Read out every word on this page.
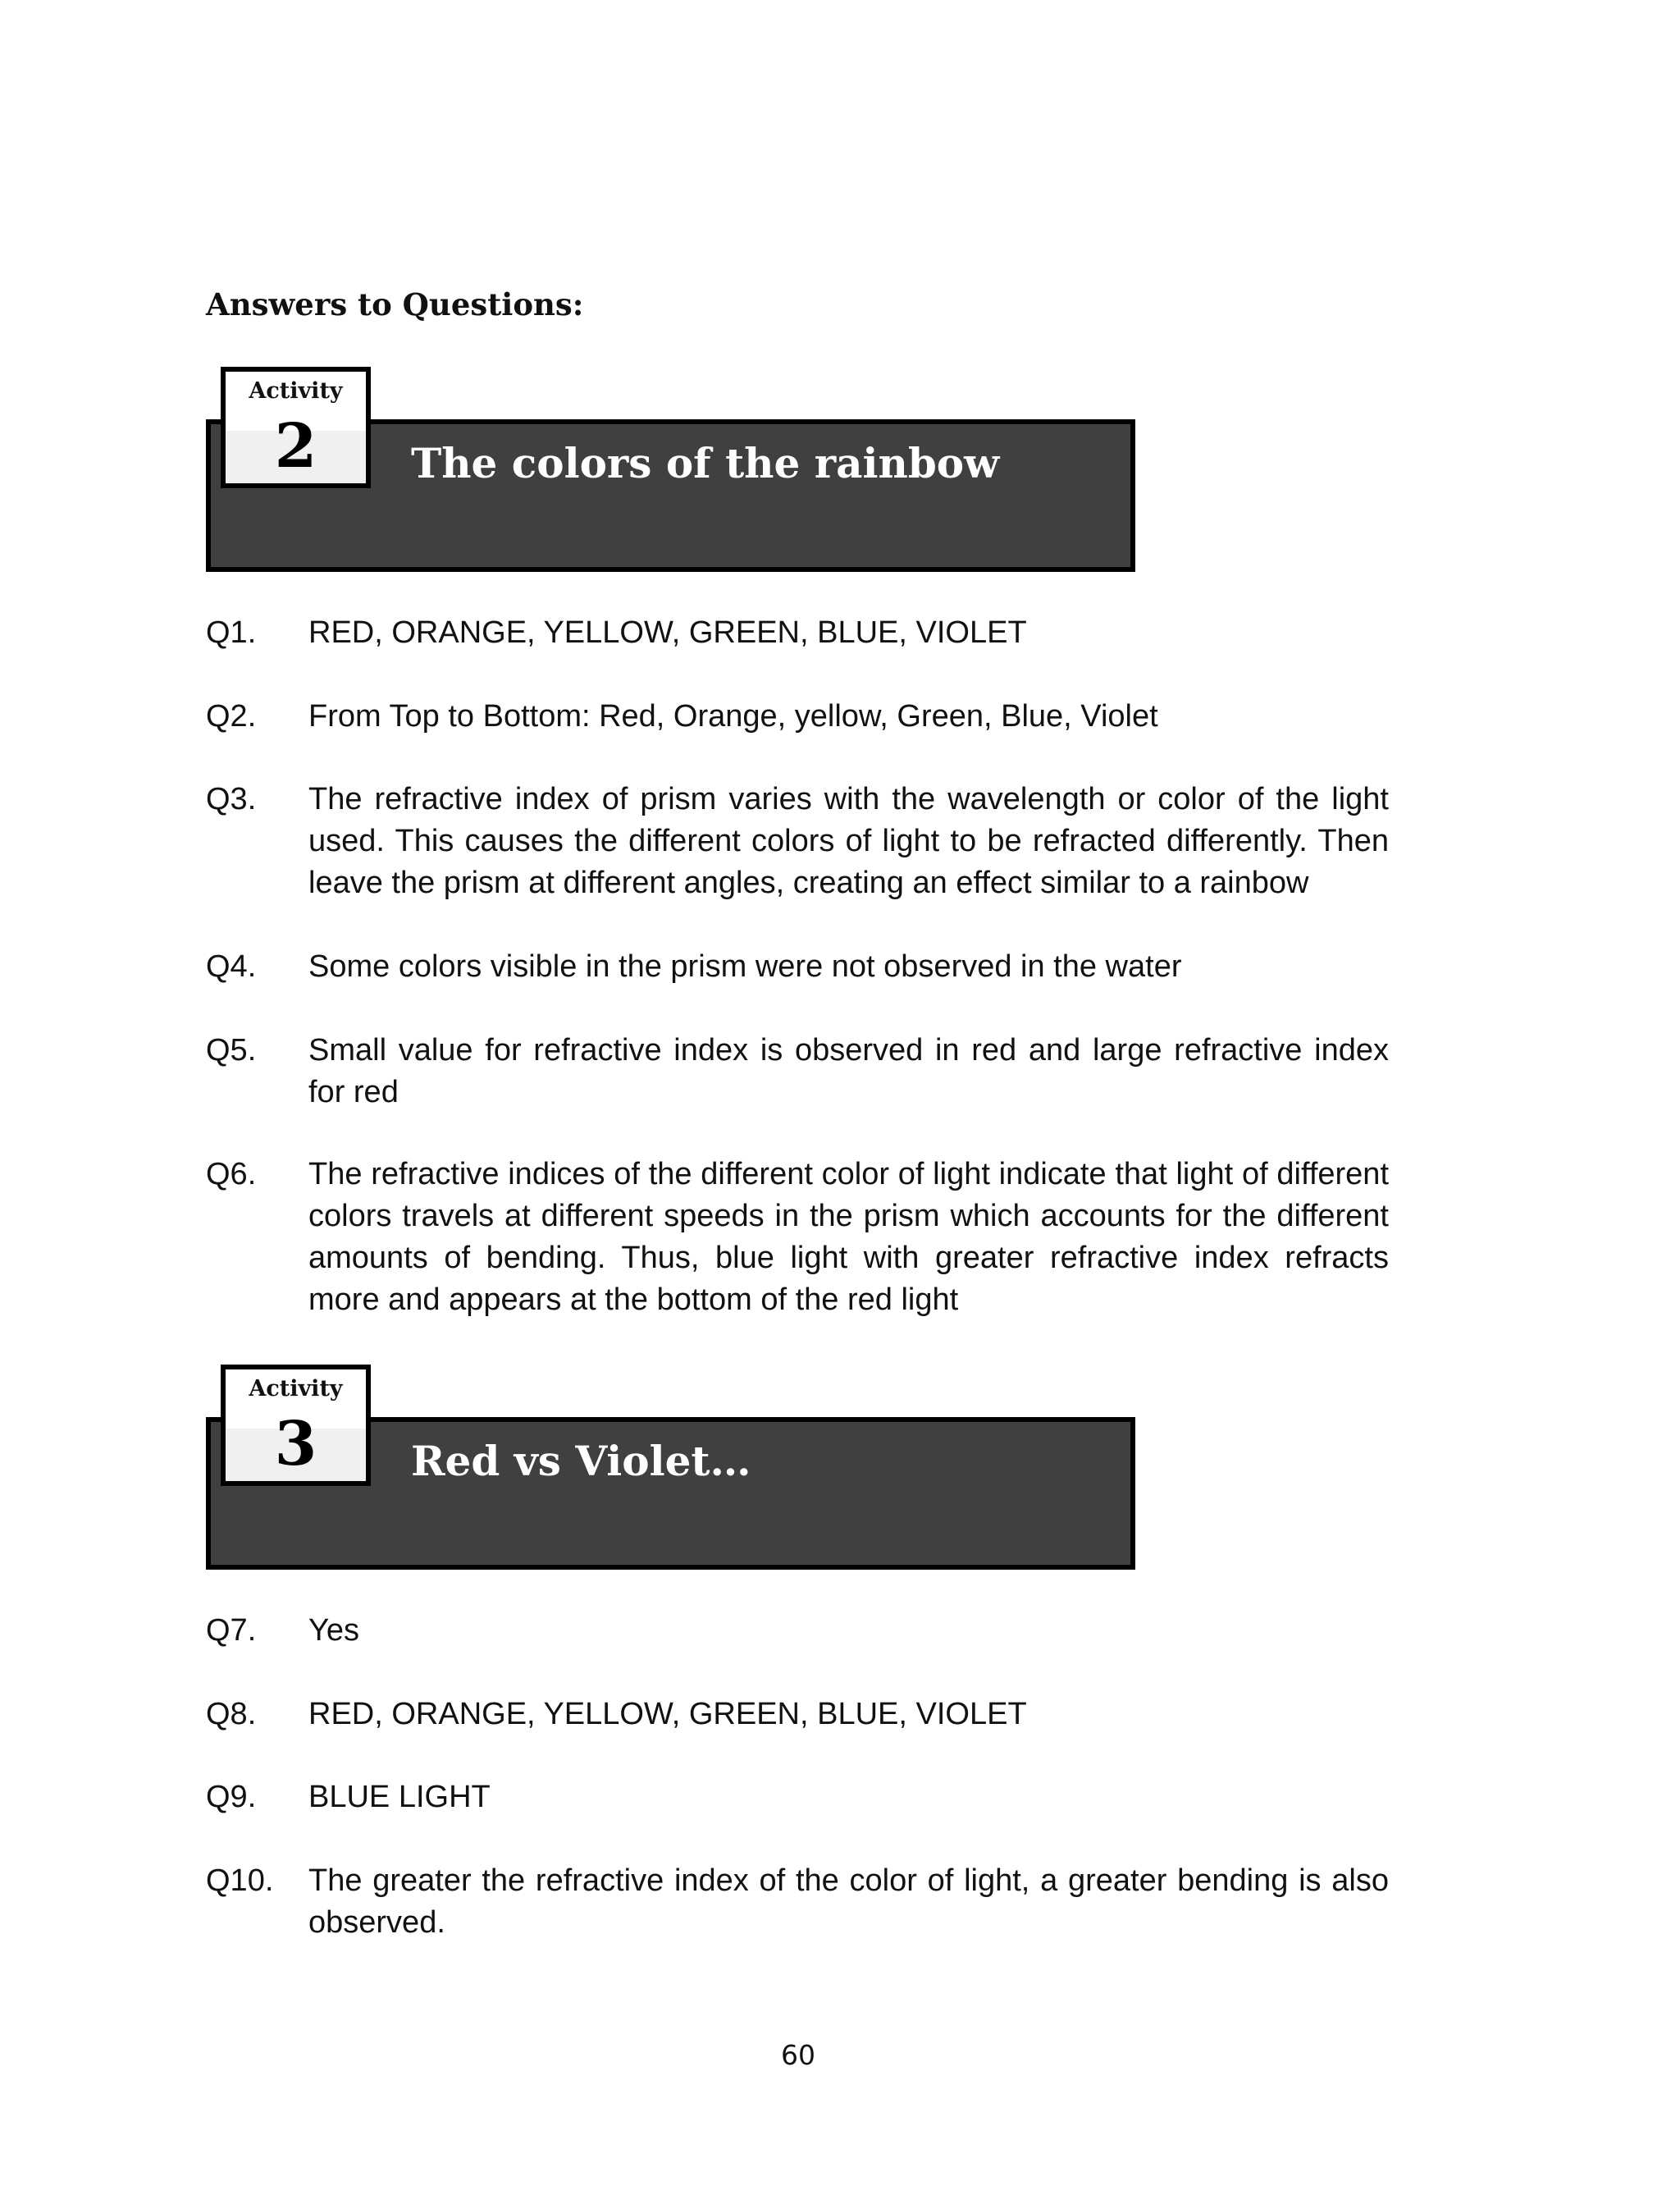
Answers to Questions:
Activity
2	The colors of the rainbow
Q1. RED, ORANGE, YELLOW, GREEN, BLUE, VIOLET
Q2. From Top to Bottom: Red, Orange, yellow, Green, Blue, Violet
Q3. The refractive index of prism varies with the wavelength or color of the light used. This causes the different colors of light to be refracted differently. Then leave the prism at different angles, creating an effect similar to a rainbow
Q4. Some colors visible in the prism were not observed in the water
Q5. Small value for refractive index is observed in red and large refractive index for red
Q6. The refractive indices of the different color of light indicate that light of different colors travels at different speeds in the prism which accounts for the different amounts of bending. Thus, blue light with greater refractive index refracts more and appears at the bottom of the red light
Activity
3	Red vs Violet…
Q7. Yes
Q8. RED, ORANGE, YELLOW, GREEN, BLUE, VIOLET
Q9. BLUE LIGHT
Q10. The greater the refractive index of the color of light, a greater bending is also observed.
60
